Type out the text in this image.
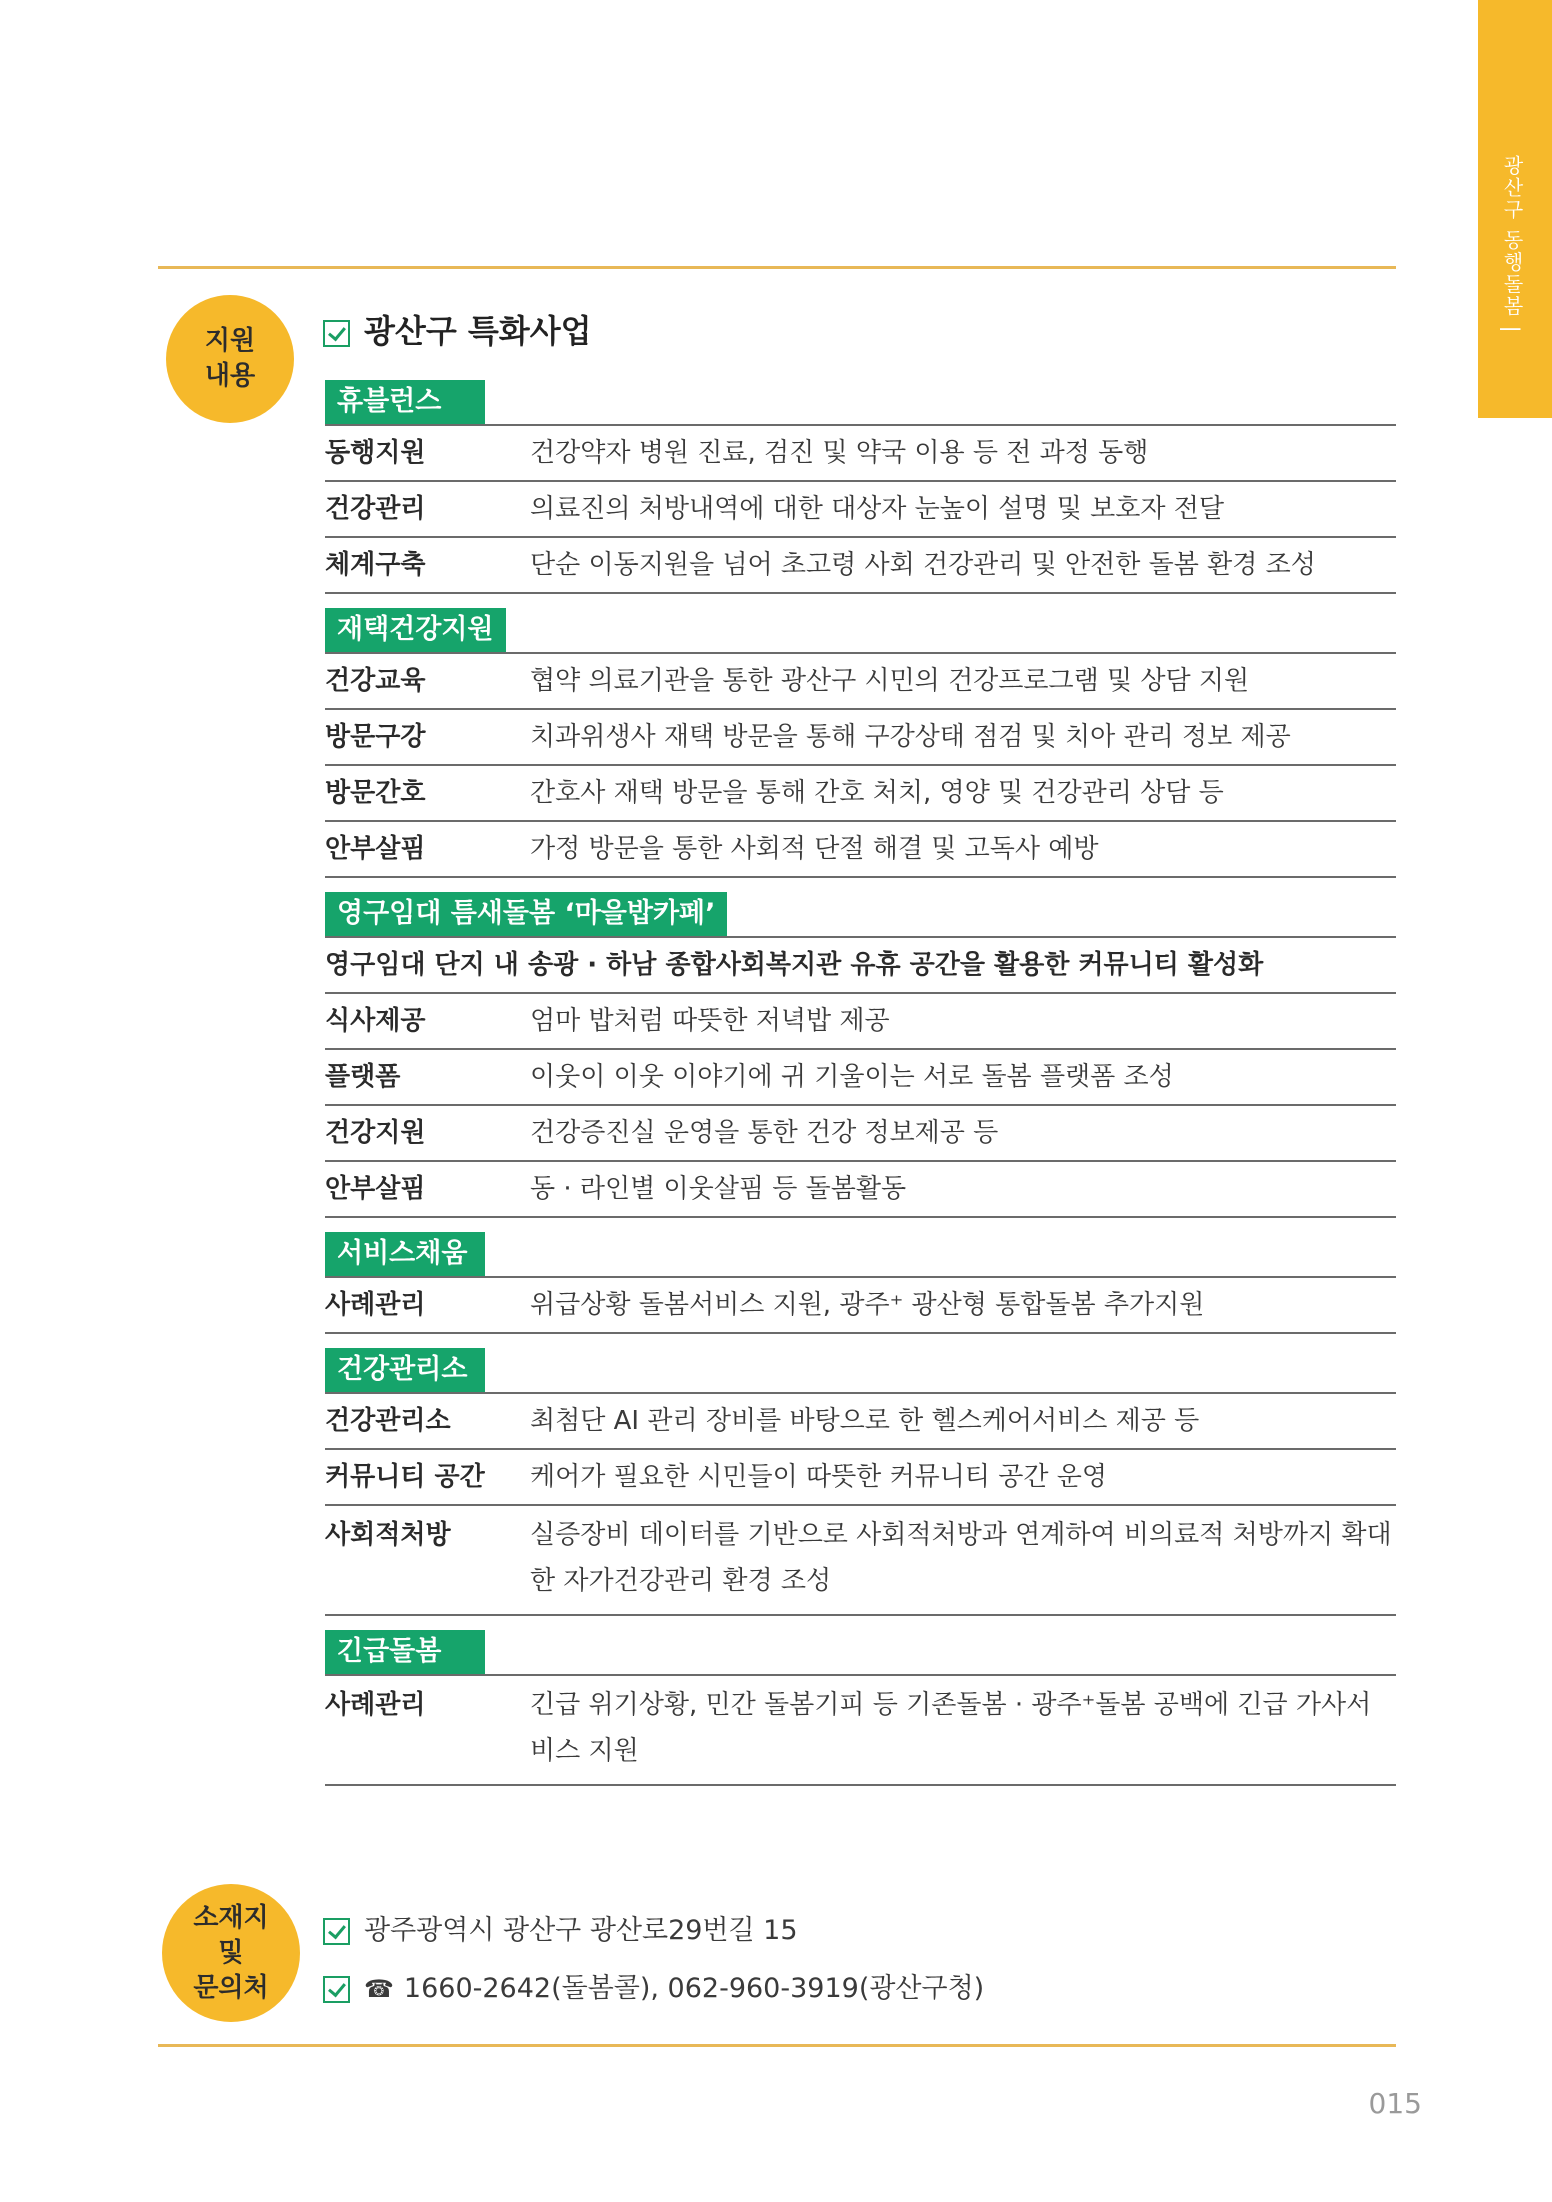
광산구 동행돌봄 |
지원
내용
광산구 특화사업
휴블런스
동행지원	건강약자 병원 진료, 검진 및 약국 이용 등 전 과정 동행
건강관리	의료진의 처방내역에 대한 대상자 눈높이 설명 및 보호자 전달
체계구축	단순 이동지원을 넘어 초고령 사회 건강관리 및 안전한 돌봄 환경 조성
재택건강지원
건강교육	협약 의료기관을 통한 광산구 시민의 건강프로그램 및 상담 지원
방문구강	치과위생사 재택 방문을 통해 구강상태 점검 및 치아 관리 정보 제공
방문간호	간호사 재택 방문을 통해 간호 처치, 영양 및 건강관리 상담 등
안부살핌	가정 방문을 통한 사회적 단절 해결 및 고독사 예방
영구임대 틈새돌봄 ‘마을밥카페’
영구임대 단지 내 송광 · 하남 종합사회복지관 유휴 공간을 활용한 커뮤니티 활성화
식사제공	엄마 밥처럼 따뜻한 저녁밥 제공
플랫폼	이웃이 이웃 이야기에 귀 기울이는 서로 돌봄 플랫폼 조성
건강지원	건강증진실 운영을 통한 건강 정보제공 등
안부살핌	동 · 라인별 이웃살핌 등 돌봄활동
서비스채움
사례관리	위급상황 돌봄서비스 지원, 광주⁺ 광산형 통합돌봄 추가지원
건강관리소
건강관리소	최첨단 AI 관리 장비를 바탕으로 한 헬스케어서비스 제공 등
커뮤니티 공간	케어가 필요한 시민들이 따뜻한 커뮤니티 공간 운영
사회적처방	실증장비 데이터를 기반으로 사회적처방과 연계하여 비의료적 처방까지 확대한 자가건강관리 환경 조성
긴급돌봄
사례관리	긴급 위기상황, 민간 돌봄기피 등 기존돌봄 · 광주⁺돌봄 공백에 긴급 가사서비스 지원
소재지
및
문의처
광주광역시 광산구 광산로29번길 15
☎ 1660-2642(돌봄콜), 062-960-3919(광산구청)
015
